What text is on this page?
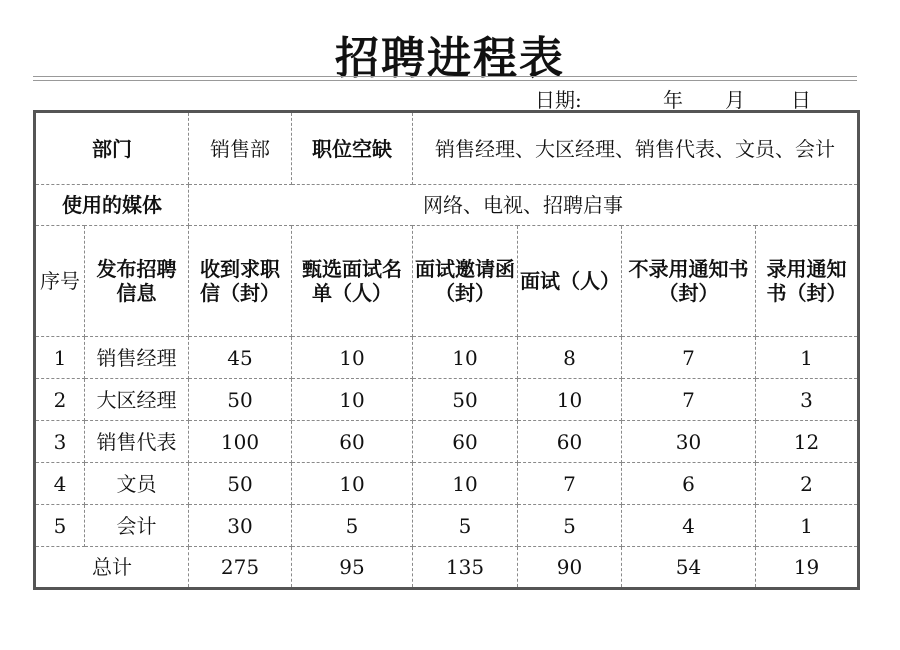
招聘进程表
日期:	年 月 日
部门		销售部	职位空缺	销售经理、大区经理、销售代表、文员、会计			
使用的媒体		网络、电视、招聘启事					
序号	发布招聘信息	收到求职信（封）	甄选面试名单（人）	面试邀请函（封）	面试（人）	不录用通知书（封）	录用通知书（封）
1	销售经理	45	10	10	8	7	1
2	大区经理	50	10	50	10	7	3
3	销售代表	100	60	60	60	30	12
4	文员	50	10	10	7	6	2
5	会计	30	5	5	5	4	1
总计		275	95	135	90	54	19
